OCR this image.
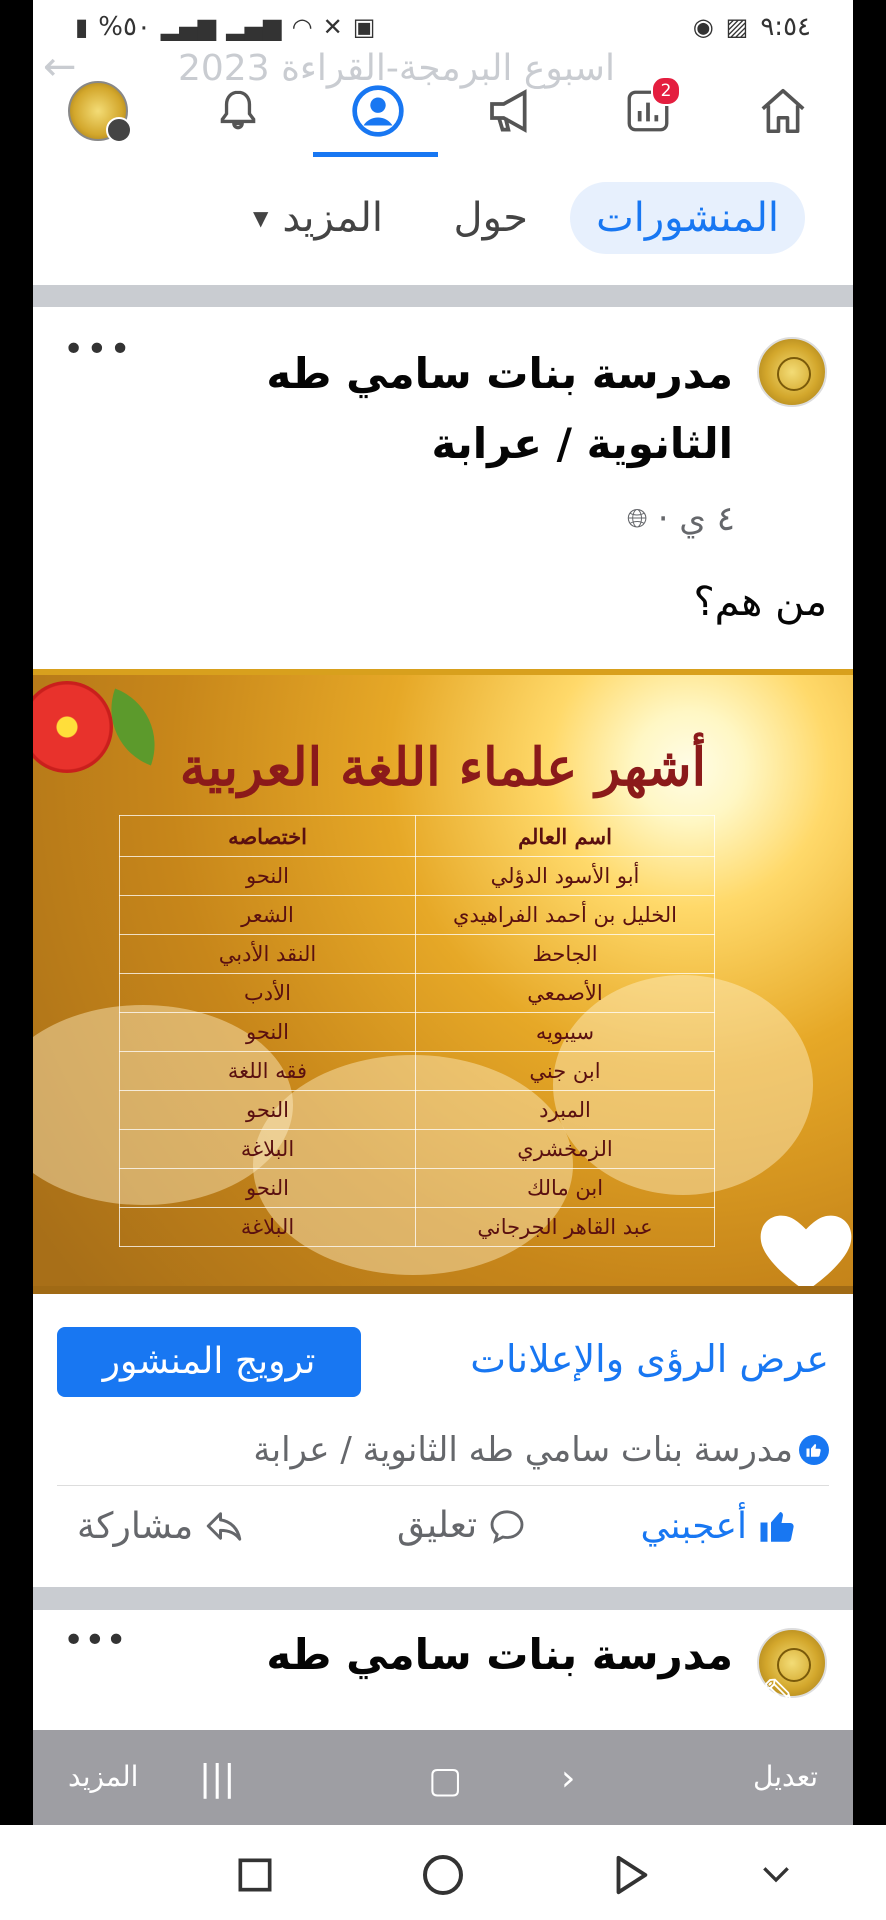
▮ %٥٠ ▂▄▆ ▂▄▆ ◠ ✕ ▣	◉ ▨ ٩:٥٤
←	اسبوع البرمجة-القراءة 2023
2
المنشورات
حول
المزيد
▼
مدرسة بنات سامي طه الثانوية / عرابة
٤ ي ·
🌐︎
•••
من هم؟
أشهر علماء اللغة العربية
اسم العالم	اختصاصه
أبو الأسود الدؤلي	النحو
الخليل بن أحمد الفراهيدي	الشعر
الجاحظ	النقد الأدبي
الأصمعي	الأدب
سيبويه	النحو
ابن جني	فقه اللغة
المبرد	النحو
الزمخشري	البلاغة
ابن مالك	النحو
عبد القاهر الجرجاني	البلاغة
ترويج المنشور	عرض الرؤى والإعلانات
مدرسة بنات سامي طه الثانوية / عرابة
أعجبني
تعليق
مشاركة
مدرسة بنات سامي طه
•••
✎
•••
تعديل
المزيد	›
▢
|||
